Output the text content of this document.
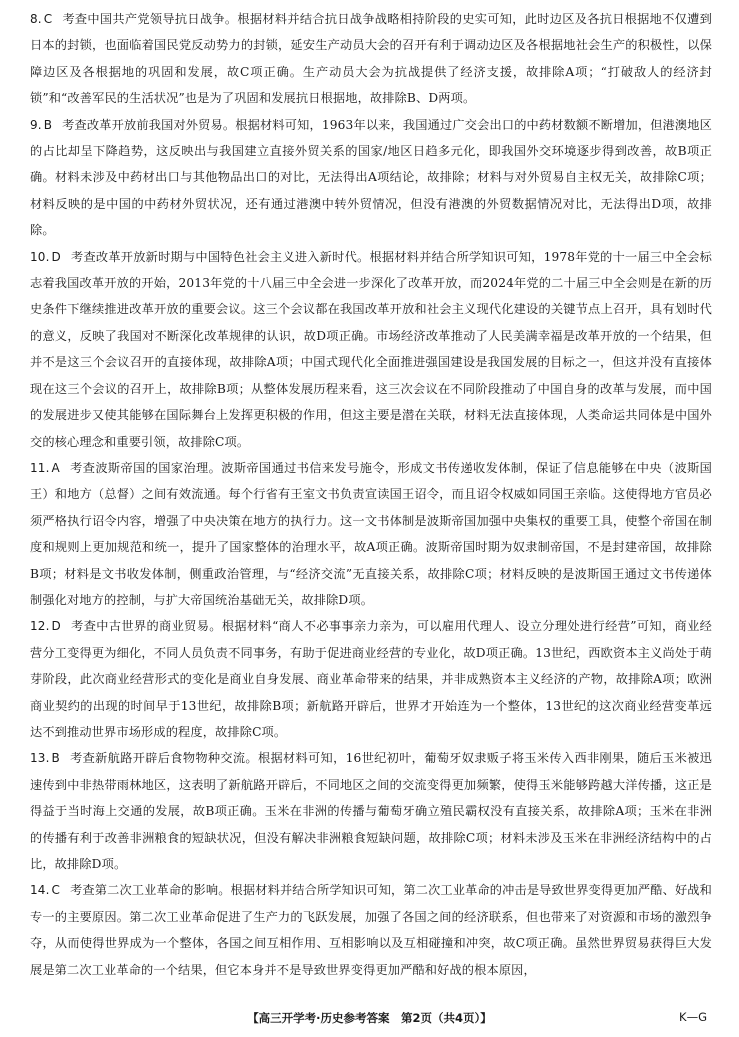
8. C 考查中国共产党领导抗日战争。根据材料并结合抗日战争战略相持阶段的史实可知，此时边区及各抗日根据地不仅遭到日本的封锁，也面临着国民党反动势力的封锁，延安生产动员大会的召开有利于调动边区及各根据地社会生产的积极性，以保障边区及各根据地的巩固和发展，故C项正确。生产动员大会为抗战提供了经济支援，故排除A项；“打破敌人的经济封锁”和“改善军民的生活状况”也是为了巩固和发展抗日根据地，故排除B、D两项。

9. B 考查改革开放前我国对外贸易。根据材料可知，1963年以来，我国通过广交会出口的中药材数额不断增加，但港澳地区的占比却呈下降趋势，这反映出与我国建立直接外贸关系的国家/地区日趋多元化，即我国外交环境逐步得到改善，故B项正确。材料未涉及中药材出口与其他物品出口的对比，无法得出A项结论，故排除；材料与对外贸易自主权无关，故排除C项；材料反映的是中国的中药材外贸状况，还有通过港澳中转外贸情况，但没有港澳的外贸数据情况对比，无法得出D项，故排除。

10. D 考查改革开放新时期与中国特色社会主义进入新时代。根据材料并结合所学知识可知，1978年党的十一届三中全会标志着我国改革开放的开始，2013年党的十八届三中全会进一步深化了改革开放，而2024年党的二十届三中全会则是在新的历史条件下继续推进改革开放的重要会议。这三个会议都在我国改革开放和社会主义现代化建设的关键节点上召开，具有划时代的意义，反映了我国对不断深化改革规律的认识，故D项正确。市场经济改革推动了人民美满幸福是改革开放的一个结果，但并不是这三个会议召开的直接体现，故排除A项；中国式现代化全面推进强国建设是我国发展的目标之一，但这并没有直接体现在这三个会议的召开上，故排除B项；从整体发展历程来看，这三次会议在不同阶段推动了中国自身的改革与发展，而中国的发展进步又使其能够在国际舞台上发挥更积极的作用，但这主要是潜在关联，材料无法直接体现，人类命运共同体是中国外交的核心理念和重要引领，故排除C项。

11. A 考查波斯帝国的国家治理。波斯帝国通过书信来发号施令，形成文书传递收发体制，保证了信息能够在中央（波斯国王）和地方（总督）之间有效流通。每个行省有王室文书负责宣读国王诏令，而且诏令权威如同国王亲临。这使得地方官员必须严格执行诏令内容，增强了中央决策在地方的执行力。这一文书体制是波斯帝国加强中央集权的重要工具，使整个帝国在制度和规则上更加规范和统一，提升了国家整体的治理水平，故A项正确。波斯帝国时期为奴隶制帝国，不是封建帝国，故排除B项；材料是文书收发体制，侧重政治管理，与“经济交流”无直接关系，故排除C项；材料反映的是波斯国王通过文书传递体制强化对地方的控制，与扩大帝国统治基础无关，故排除D项。

12. D 考查中古世界的商业贸易。根据材料“商人不必事事亲力亲为，可以雇用代理人、设立分理处进行经营”可知，商业经营分工变得更为细化，不同人员负责不同事务，有助于促进商业经营的专业化，故D项正确。13世纪，西欧资本主义尚处于萌芽阶段，此次商业经营形式的变化是商业自身发展、商业革命带来的结果，并非成熟资本主义经济的产物，故排除A项；欧洲商业契约的出现的时间早于13世纪，故排除B项；新航路开辟后，世界才开始连为一个整体，13世纪的这次商业经营变革远达不到推动世界市场形成的程度，故排除C项。

13. B 考查新航路开辟后食物物种交流。根据材料可知，16世纪初叶，葡萄牙奴隶贩子将玉米传入西非刚果，随后玉米被迅速传到中非热带雨林地区，这表明了新航路开辟后，不同地区之间的交流变得更加频繁，使得玉米能够跨越大洋传播，这正是得益于当时海上交通的发展，故B项正确。玉米在非洲的传播与葡萄牙确立殖民霸权没有直接关系，故排除A项；玉米在非洲的传播有利于改善非洲粮食的短缺状况，但没有解决非洲粮食短缺问题，故排除C项；材料未涉及玉米在非洲经济结构中的占比，故排除D项。

14. C 考查第二次工业革命的影响。根据材料并结合所学知识可知，第二次工业革命的冲击是导致世界变得更加严酷、好战和专一的主要原因。第二次工业革命促进了生产力的飞跃发展，加强了各国之间的经济联系，但也带来了对资源和市场的激烈争夺，从而使得世界成为一个整体，各国之间互相作用、互相影响以及互相碰撞和冲突，故C项正确。虽然世界贸易获得巨大发展是第二次工业革命的一个结果，但它本身并不是导致世界变得更加严酷和好战的根本原因，

【高三开学考·历史参考答案　第2页（共4页）】	K—G
